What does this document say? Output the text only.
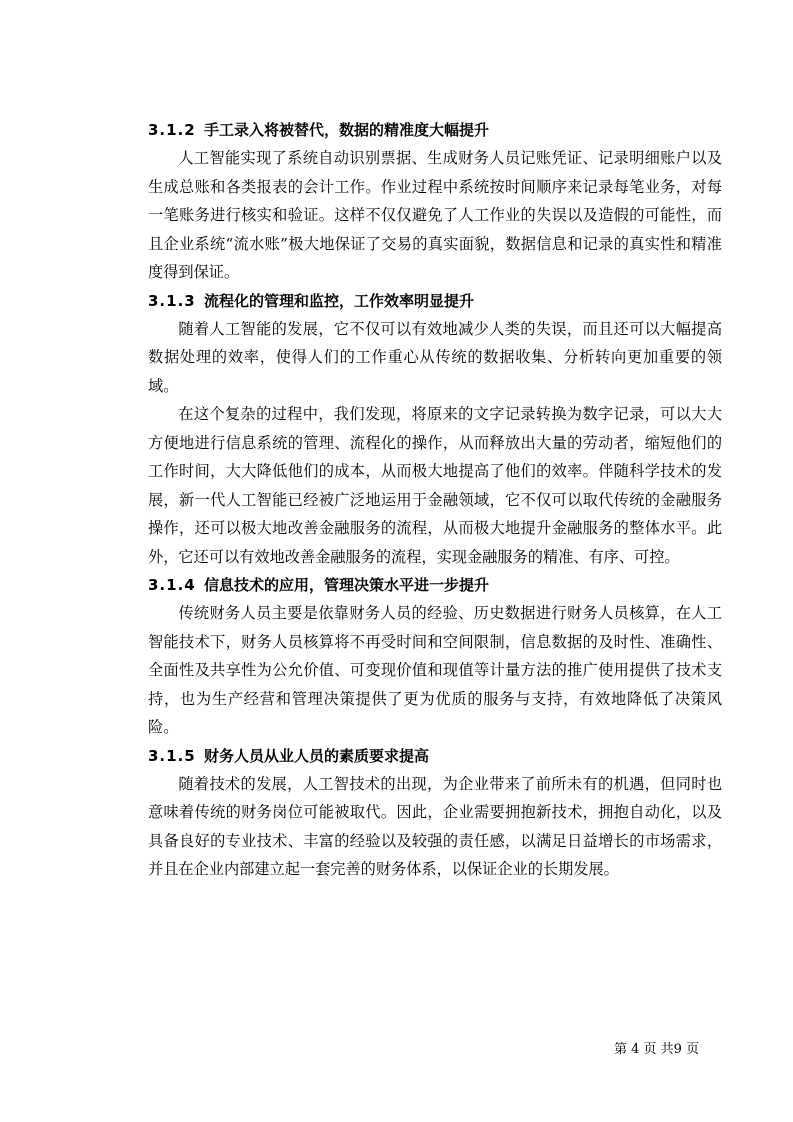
3.1.2 手工录入将被替代，数据的精准度大幅提升

人工智能实现了系统自动识别票据、生成财务人员记账凭证、记录明细账户以及生成总账和各类报表的会计工作。作业过程中系统按时间顺序来记录每笔业务，对每一笔账务进行核实和验证。这样不仅仅避免了人工作业的失误以及造假的可能性，而且企业系统“流水账”极大地保证了交易的真实面貌，数据信息和记录的真实性和精准度得到保证。

3.1.3 流程化的管理和监控，工作效率明显提升

随着人工智能的发展，它不仅可以有效地减少人类的失误，而且还可以大幅提高数据处理的效率，使得人们的工作重心从传统的数据收集、分析转向更加重要的领域。

在这个复杂的过程中，我们发现，将原来的文字记录转换为数字记录，可以大大方便地进行信息系统的管理、流程化的操作，从而释放出大量的劳动者，缩短他们的工作时间，大大降低他们的成本，从而极大地提高了他们的效率。伴随科学技术的发展，新一代人工智能已经被广泛地运用于金融领域，它不仅可以取代传统的金融服务操作，还可以极大地改善金融服务的流程，从而极大地提升金融服务的整体水平。此外，它还可以有效地改善金融服务的流程，实现金融服务的精准、有序、可控。

3.1.4 信息技术的应用，管理决策水平进一步提升

传统财务人员主要是依靠财务人员的经验、历史数据进行财务人员核算，在人工智能技术下，财务人员核算将不再受时间和空间限制，信息数据的及时性、准确性、全面性及共享性为公允价值、可变现价值和现值等计量方法的推广使用提供了技术支持，也为生产经营和管理决策提供了更为优质的服务与支持，有效地降低了决策风险。

3.1.5 财务人员从业人员的素质要求提高

随着技术的发展，人工智技术的出现，为企业带来了前所未有的机遇，但同时也意味着传统的财务岗位可能被取代。因此，企业需要拥抱新技术，拥抱自动化，以及具备良好的专业技术、丰富的经验以及较强的责任感，以满足日益增长的市场需求，并且在企业内部建立起一套完善的财务体系，以保证企业的长期发展。

第 4 页 共9 页
